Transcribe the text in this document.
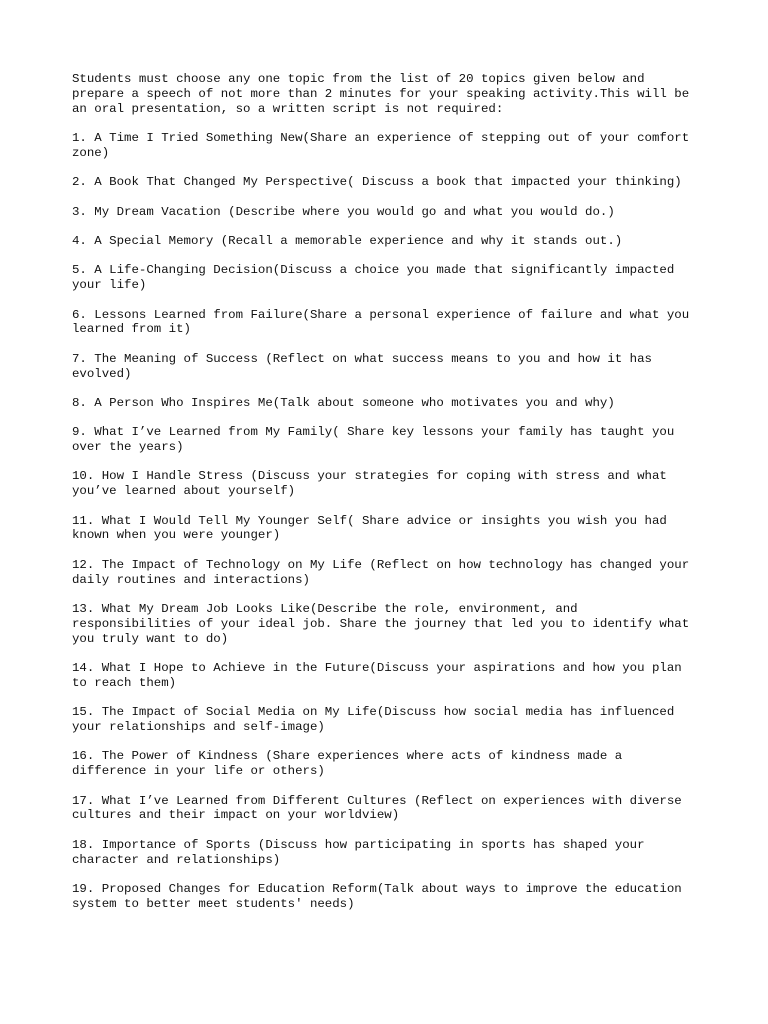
Students must choose any one topic from the list of 20 topics given below and
prepare a speech of not more than 2 minutes for your speaking activity.This will be
an oral presentation, so a written script is not required:

1. A Time I Tried Something New(Share an experience of stepping out of your comfort
zone)

2. A Book That Changed My Perspective( Discuss a book that impacted your thinking)

3. My Dream Vacation (Describe where you would go and what you would do.)

4. A Special Memory (Recall a memorable experience and why it stands out.)

5. A Life-Changing Decision(Discuss a choice you made that significantly impacted
your life)

6. Lessons Learned from Failure(Share a personal experience of failure and what you
learned from it)

7. The Meaning of Success (Reflect on what success means to you and how it has
evolved)

8. A Person Who Inspires Me(Talk about someone who motivates you and why)

9. What I’ve Learned from My Family( Share key lessons your family has taught you
over the years)

10. How I Handle Stress (Discuss your strategies for coping with stress and what
you’ve learned about yourself)

11. What I Would Tell My Younger Self( Share advice or insights you wish you had
known when you were younger)

12. The Impact of Technology on My Life (Reflect on how technology has changed your
daily routines and interactions)

13. What My Dream Job Looks Like(Describe the role, environment, and
responsibilities of your ideal job. Share the journey that led you to identify what
you truly want to do)

14. What I Hope to Achieve in the Future(Discuss your aspirations and how you plan
to reach them)

15. The Impact of Social Media on My Life(Discuss how social media has influenced
your relationships and self-image)

16. The Power of Kindness (Share experiences where acts of kindness made a
difference in your life or others)

17. What I’ve Learned from Different Cultures (Reflect on experiences with diverse
cultures and their impact on your worldview)

18. Importance of Sports (Discuss how participating in sports has shaped your
character and relationships)

19. Proposed Changes for Education Reform(Talk about ways to improve the education
system to better meet students' needs)
